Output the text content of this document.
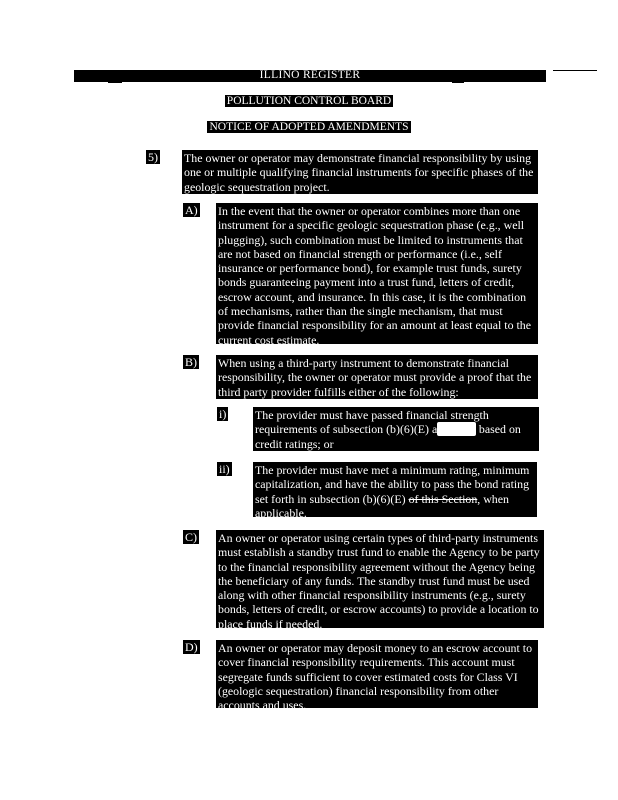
ILLINO REGISTER
POLLUTION CONTROL BOARD
NOTICE OF ADOPTED AMENDMENTS
5) The owner or operator may demonstrate financial responsibility by using one or multiple qualifying financial instruments for specific phases of the geologic sequestration project.
A) In the event that the owner or operator combines more than one instrument for a specific geologic sequestration phase (e.g., well plugging), such combination must be limited to instruments that are not based on financial strength or performance (i.e., self insurance or performance bond), for example trust funds, surety bonds guaranteeing payment into a trust fund, letters of credit, escrow account, and insurance. In this case, it is the combination of mechanisms, rather than the single mechanism, that must provide financial responsibility for an amount at least equal to the current cost estimate.
B) When using a third-party instrument to demonstrate financial responsibility, the owner or operator must provide a proof that the third party provider fulfills either of the following:
i) The provider must have passed financial strength requirements of subsection (b)(6)(E) a	based on credit ratings; or
ii) The provider must have met a minimum rating, minimum capitalization, and have the ability to pass the bond rating set forth in subsection (b)(6)(E) of this Section, when applicable.
C) An owner or operator using certain types of third-party instruments must establish a standby trust fund to enable the Agency to be party to the financial responsibility agreement without the Agency being the beneficiary of any funds. The standby trust fund must be used along with other financial responsibility instruments (e.g., surety bonds, letters of credit, or escrow accounts) to provide a location to place funds if needed.
D) An owner or operator may deposit money to an escrow account to cover financial responsibility requirements. This account must segregate funds sufficient to cover estimated costs for Class VI (geologic sequestration) financial responsibility from other accounts and uses.
